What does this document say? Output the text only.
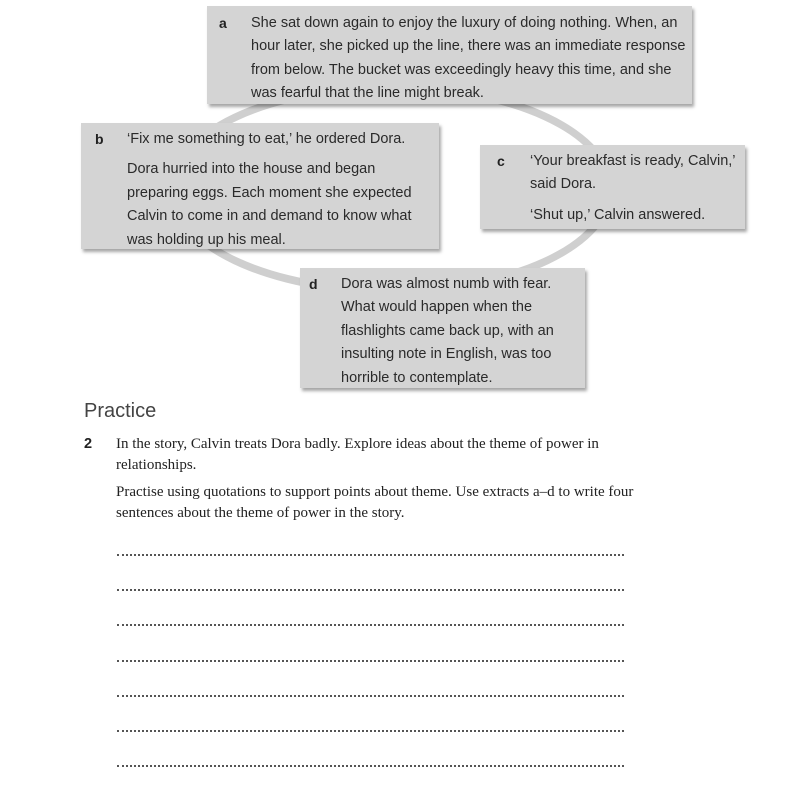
a She sat down again to enjoy the luxury of doing nothing. When, an hour later, she picked up the line, there was an immediate response from below. The bucket was exceedingly heavy this time, and she was fearful that the line might break.

b ‘Fix me something to eat,’ he ordered Dora.

Dora hurried into the house and began preparing eggs. Each moment she expected Calvin to come in and demand to know what was holding up his meal.

c ‘Your breakfast is ready, Calvin,’ said Dora.

‘Shut up,’ Calvin answered.

d Dora was almost numb with fear. What would happen when the flashlights came back up, with an insulting note in English, was too horrible to contemplate.

Practice
2 In the story, Calvin treats Dora badly. Explore ideas about the theme of power in relationships.

Practise using quotations to support points about theme. Use extracts a–d to write four sentences about the theme of power in the story.
